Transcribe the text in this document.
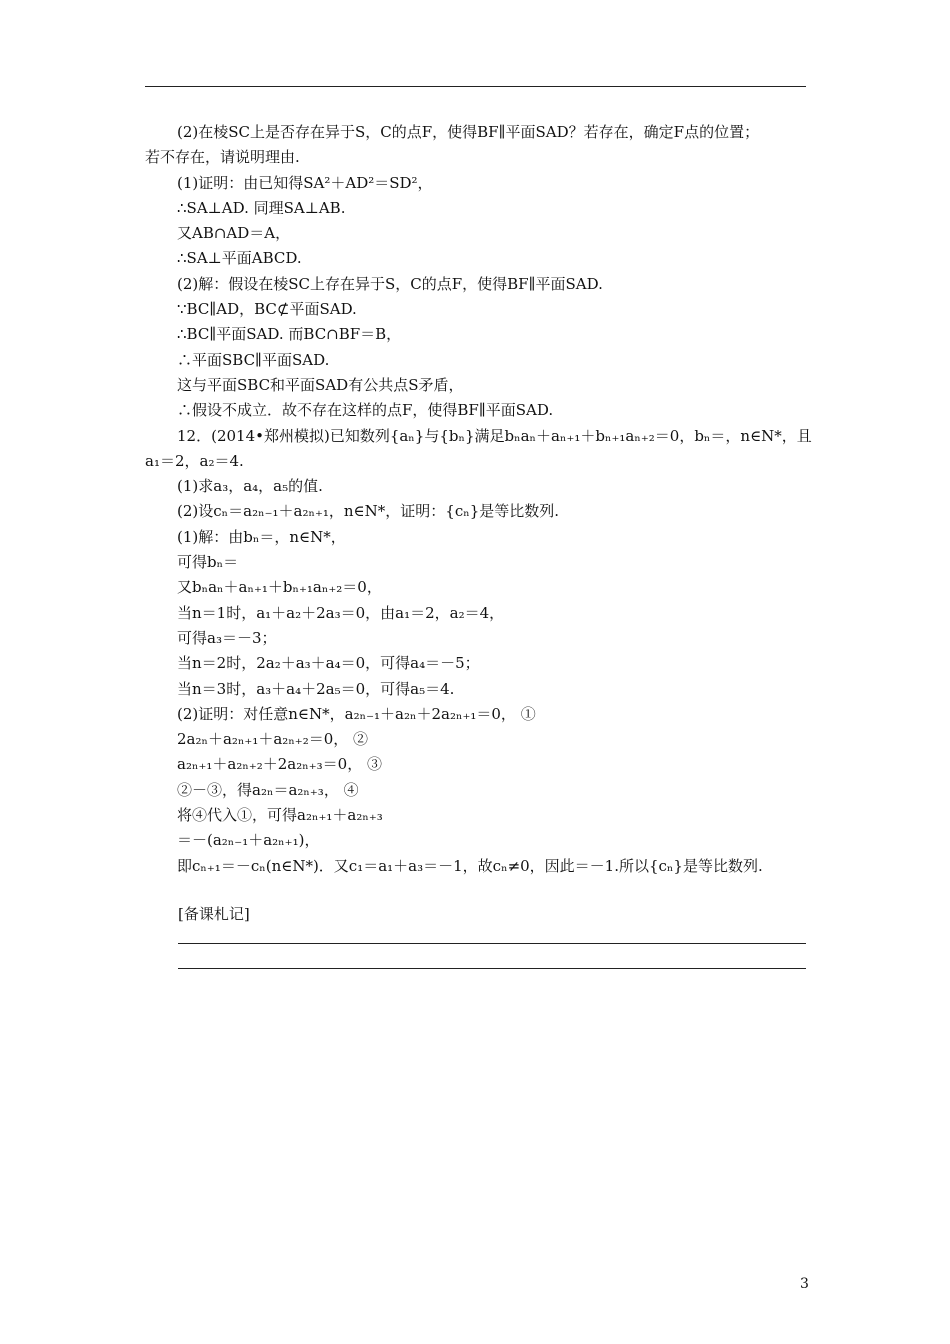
(2)在棱SC上是否存在异于S，C的点F，使得BF∥平面SAD？若存在，确定F点的位置；
若不存在，请说明理由.
(1)证明：由已知得SA²＋AD²＝SD²，
∴SA⊥AD. 同理SA⊥AB.
又AB∩AD＝A，
∴SA⊥平面ABCD.
(2)解：假设在棱SC上存在异于S，C的点F，使得BF∥平面SAD.
∵BC∥AD，BC⊄平面SAD.
∴BC∥平面SAD. 而BC∩BF＝B，
∴平面SBC∥平面SAD.
这与平面SBC和平面SAD有公共点S矛盾，
∴假设不成立．故不存在这样的点F，使得BF∥平面SAD.
12．(2014•郑州模拟)已知数列{aₙ}与{bₙ}满足bₙaₙ＋aₙ₊₁＋bₙ₊₁aₙ₊₂＝0，bₙ＝，n∈N*，且
a₁＝2，a₂＝4.
(1)求a₃，a₄，a₅的值.
(2)设cₙ＝a₂ₙ₋₁＋a₂ₙ₊₁，n∈N*，证明：{cₙ}是等比数列.
(1)解：由bₙ＝，n∈N*，
可得bₙ＝
又bₙaₙ＋aₙ₊₁＋bₙ₊₁aₙ₊₂＝0，
当n＝1时，a₁＋a₂＋2a₃＝0，由a₁＝2，a₂＝4，
可得a₃＝－3；
当n＝2时，2a₂＋a₃＋a₄＝0，可得a₄＝－5；
当n＝3时，a₃＋a₄＋2a₅＝0，可得a₅＝4.
(2)证明：对任意n∈N*，a₂ₙ₋₁＋a₂ₙ＋2a₂ₙ₊₁＝0， ①
2a₂ₙ＋a₂ₙ₊₁＋a₂ₙ₊₂＝0， ②
a₂ₙ₊₁＋a₂ₙ₊₂＋2a₂ₙ₊₃＝0， ③
②－③，得a₂ₙ＝a₂ₙ₊₃， ④
将④代入①，可得a₂ₙ₊₁＋a₂ₙ₊₃
＝－(a₂ₙ₋₁＋a₂ₙ₊₁)，
即cₙ₊₁＝－cₙ(n∈N*)．又c₁＝a₁＋a₃＝－1，故cₙ≠0，因此＝－1.所以{cₙ}是等比数列.
[备课札记]
3
